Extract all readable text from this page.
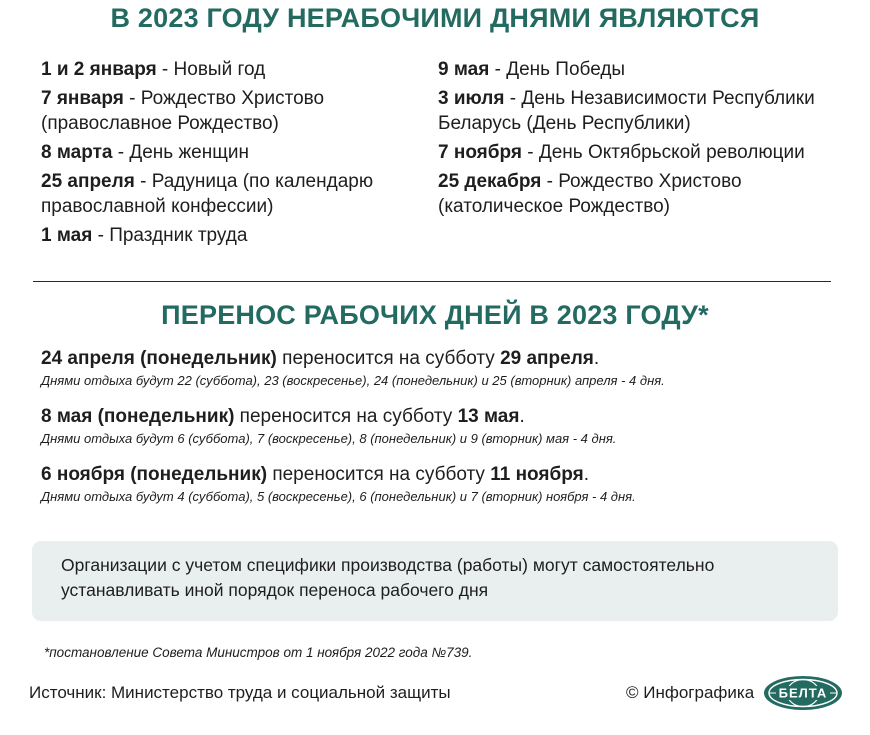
В 2023 ГОДУ НЕРАБОЧИМИ ДНЯМИ ЯВЛЯЮТСЯ
1 и 2 января - Новый год
7 января - Рождество Христово (православное Рождество)
8 марта - День женщин
25 апреля - Радуница (по календарю православной конфессии)
1 мая - Праздник труда
9 мая - День Победы
3 июля - День Независимости Республики Беларусь (День Республики)
7 ноября - День Октябрьской революции
25 декабря - Рождество Христово (католическое Рождество)
ПЕРЕНОС РАБОЧИХ ДНЕЙ В 2023 ГОДУ*
24 апреля (понедельник) переносится на субботу 29 апреля.
Днями отдыха будут 22 (суббота), 23 (воскресенье), 24 (понедельник) и 25 (вторник) апреля - 4 дня.
8 мая (понедельник) переносится на субботу 13 мая.
Днями отдыха будут 6 (суббота), 7 (воскресенье), 8 (понедельник) и 9 (вторник) мая - 4 дня.
6 ноября (понедельник) переносится на субботу 11 ноября.
Днями отдыха будут 4 (суббота), 5 (воскресенье), 6 (понедельник) и 7 (вторник) ноября - 4 дня.
Организации с учетом специфики производства (работы) могут самостоятельно устанавливать иной порядок переноса рабочего дня
*постановление Совета Министров от 1 ноября 2022 года №739.
Источник: Министерство труда и социальной защиты	© Инфографика БЕЛТА
